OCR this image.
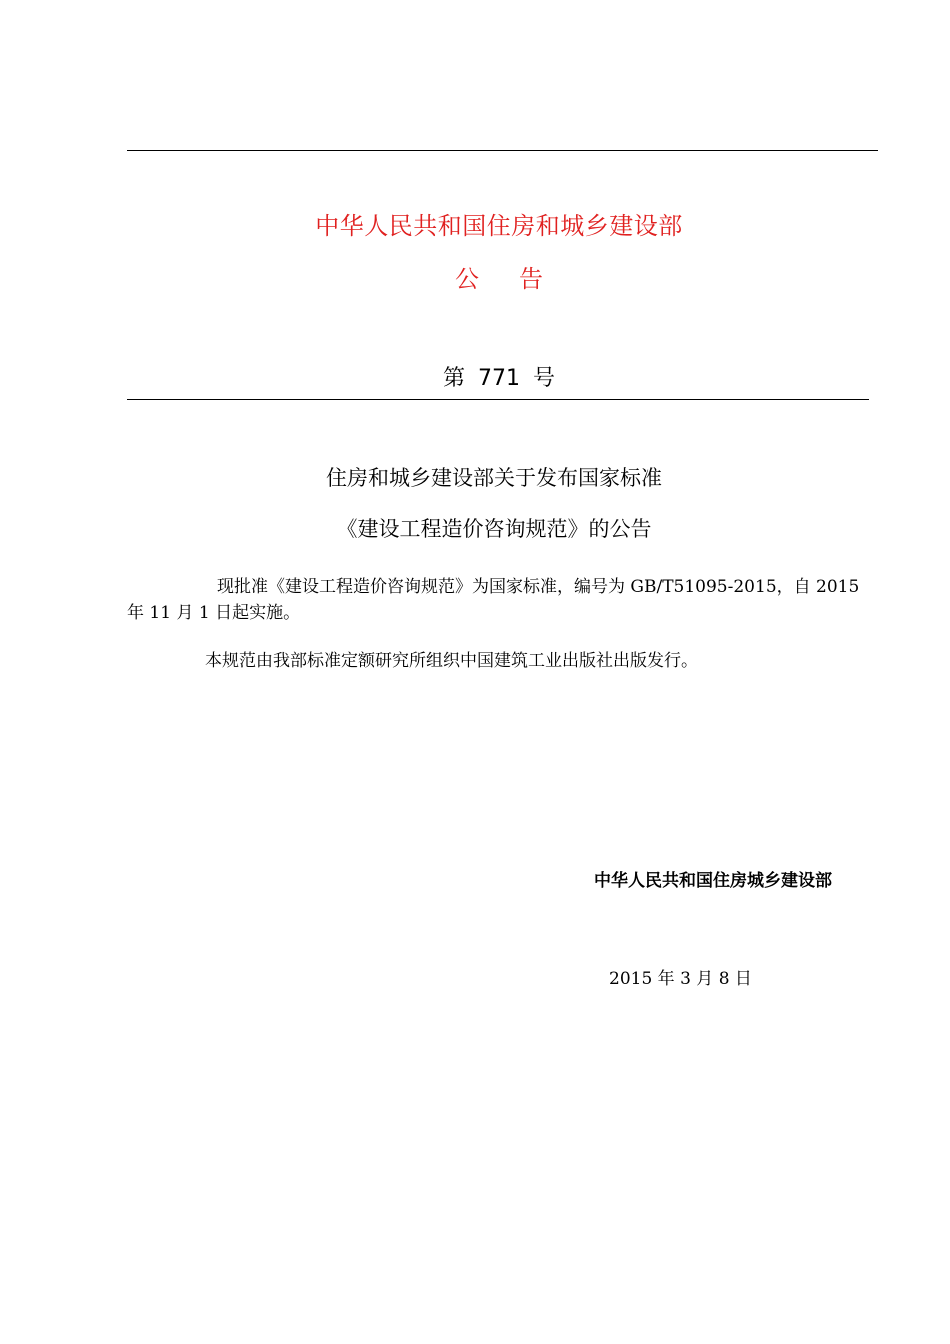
中华人民共和国住房和城乡建设部
公告
第 771 号
住房和城乡建设部关于发布国家标准
《建设工程造价咨询规范》的公告
现批准《建设工程造价咨询规范》为国家标准，编号为 GB/T51095-2015，自 2015 年 11 月 1 日起实施。
本规范由我部标准定额研究所组织中国建筑工业出版社出版发行。
中华人民共和国住房城乡建设部
2015 年 3 月 8 日
